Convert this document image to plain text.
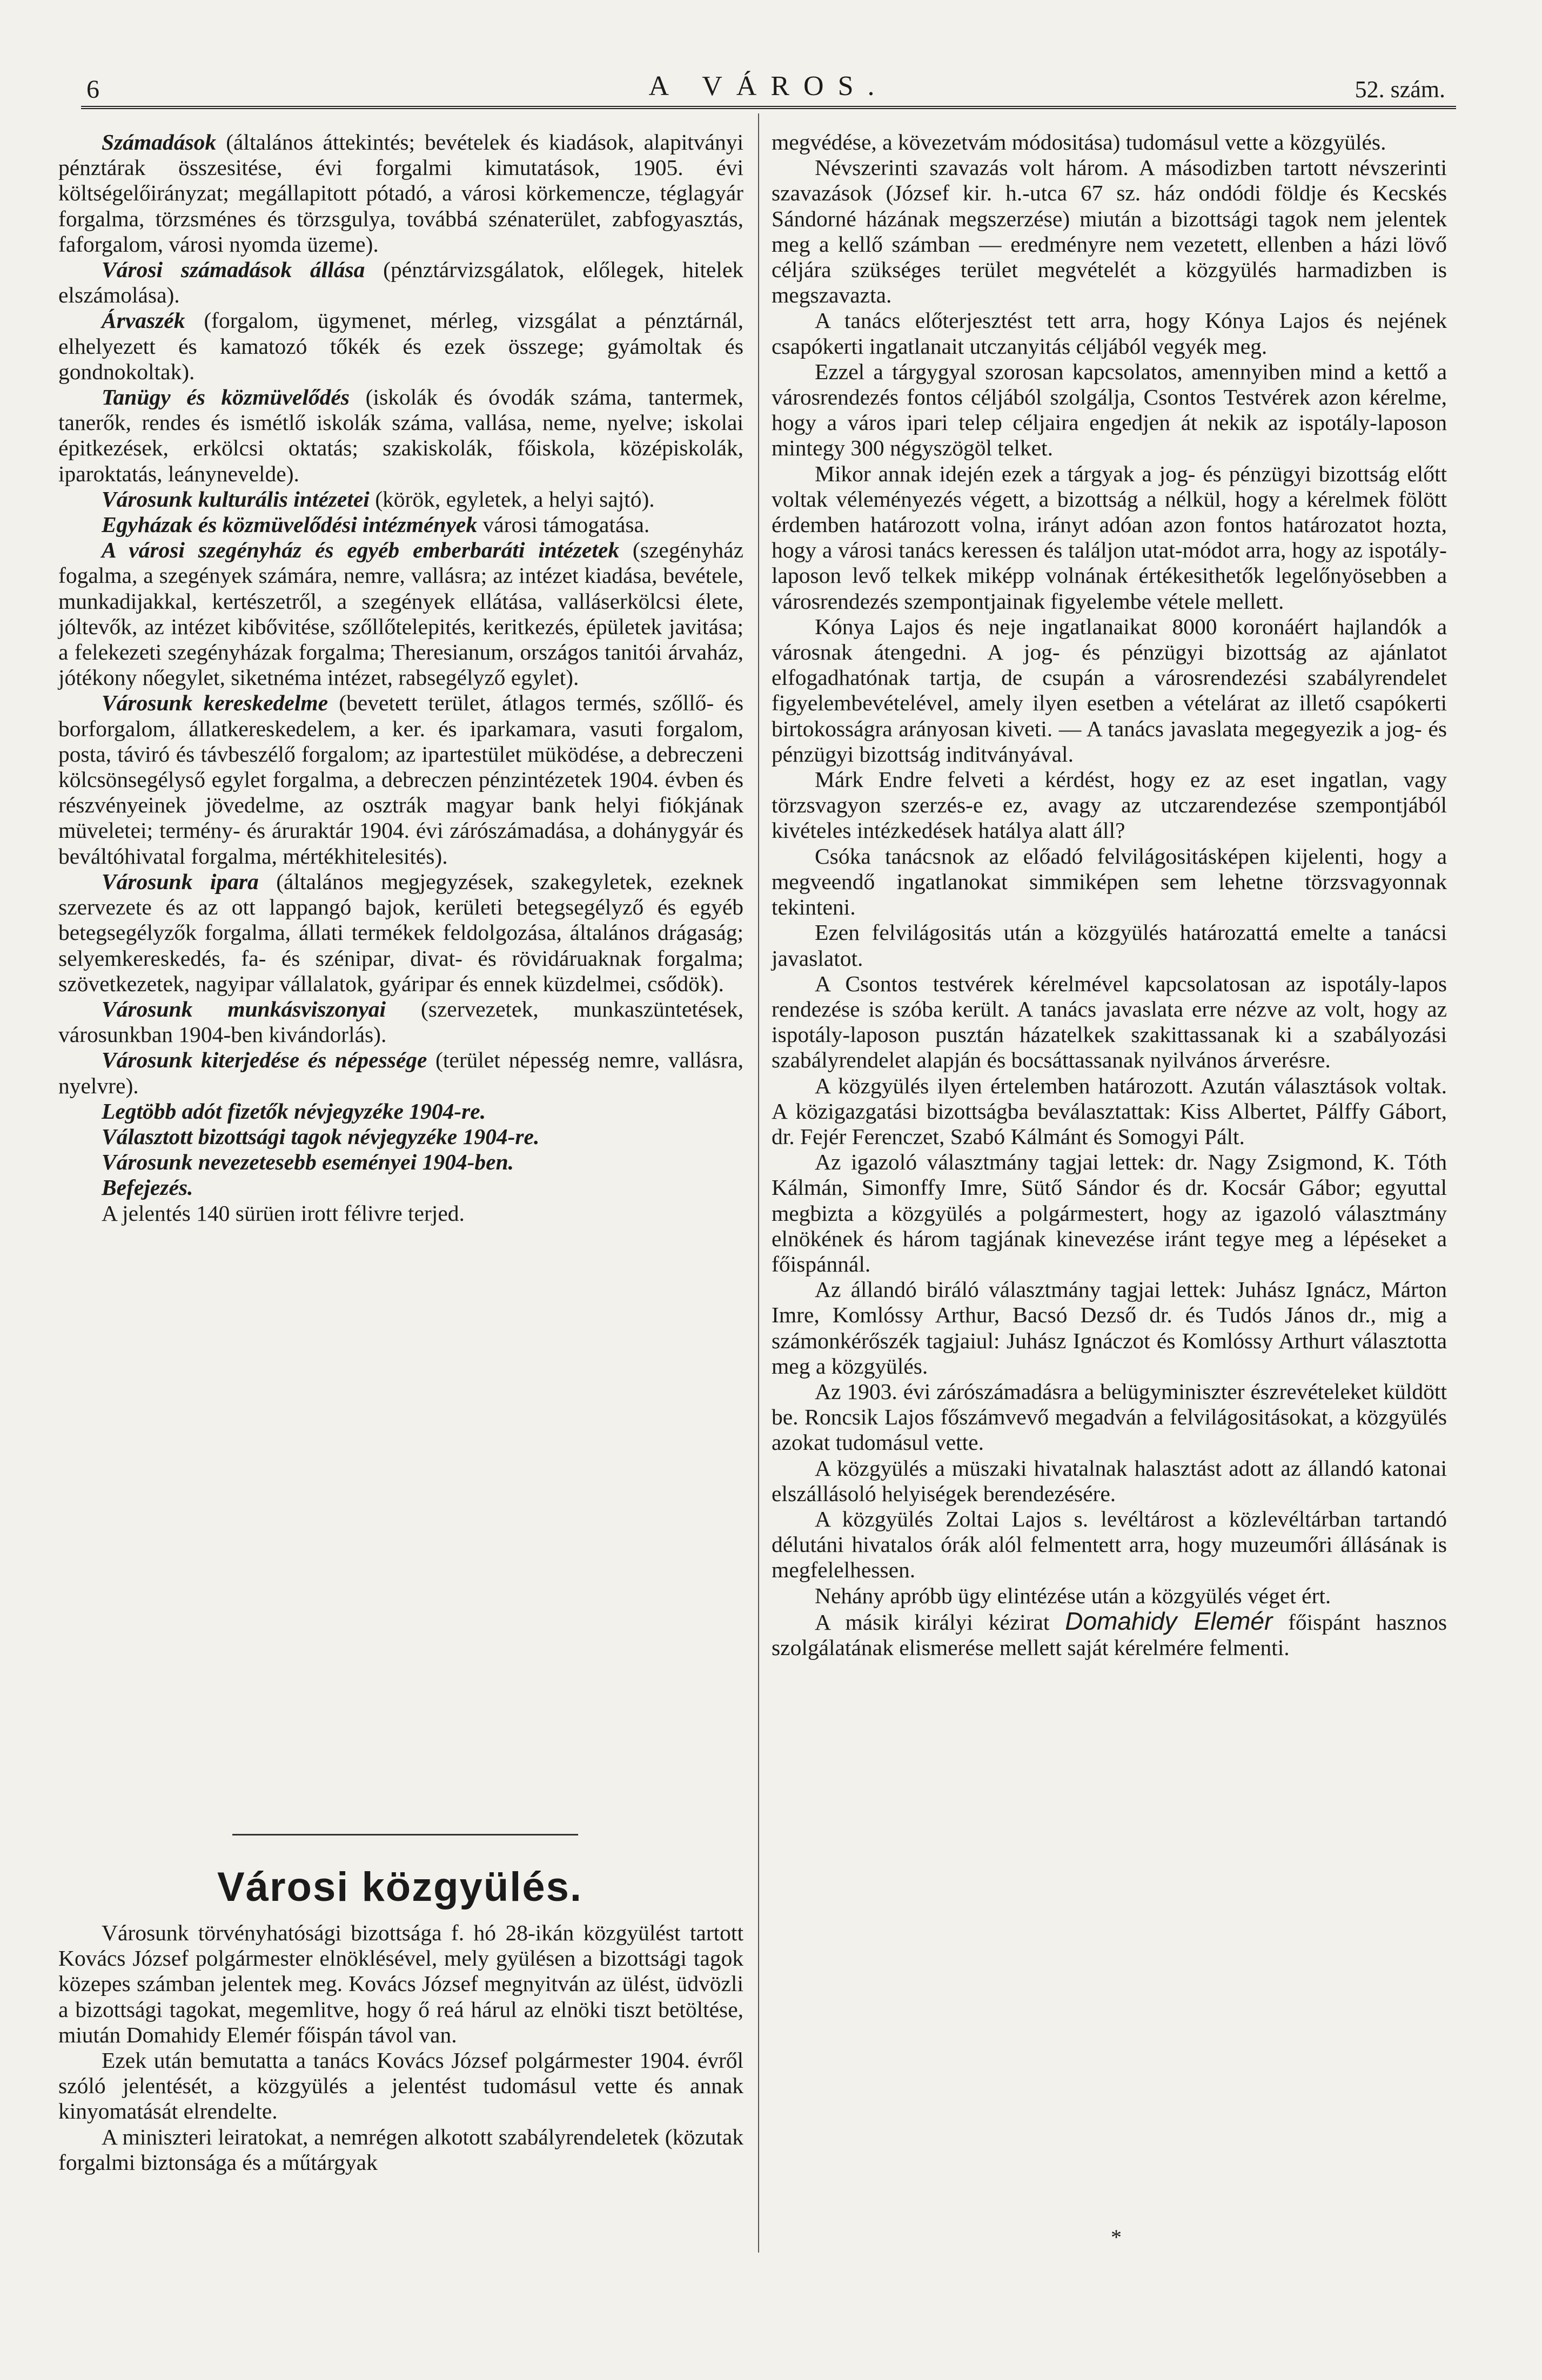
6	A VÁROS.	52. szám.

Számadások (általános áttekintés; bevételek és kiadások, alapitványi pénztárak összesitése, évi forgalmi kimutatások, 1905. évi költségelőirányzat; megállapitott pótadó, a városi körkemencze, téglagyár forgalma, törzsménes és törzsgulya, továbbá szénaterület, zabfogyasztás, faforgalom, városi nyomda üzeme).

Városi számadások állása (pénztárvizsgálatok, előlegek, hitelek elszámolása).

Árvaszék (forgalom, ügymenet, mérleg, vizsgálat a pénztárnál, elhelyezett és kamatozó tőkék és ezek összege; gyámoltak és gondnokoltak).

Tanügy és közmüvelődés (iskolák és óvodák száma, tantermek, tanerők, rendes és ismétlő iskolák száma, vallása, neme, nyelve; iskolai épitkezések, erkölcsi oktatás; szakiskolák, főiskola, középiskolák, iparoktatás, leánynevelde).

Városunk kulturális intézetei (körök, egyletek, a helyi sajtó).

Egyházak és közmüvelődési intézmények városi támogatása.

A városi szegényház és egyéb emberbaráti intézetek (szegényház fogalma, a szegények számára, nemre, vallásra; az intézet kiadása, bevétele, munkadijakkal, kertészetről, a szegények ellátása, valláserkölcsi élete, jóltevők, az intézet kibővitése, szőllőtelepités, keritkezés, épületek javitása; a felekezeti szegényházak forgalma; Theresianum, országos tanitói árvaház, jótékony nőegylet, siketnéma intézet, rabsegélyző egylet).

Városunk kereskedelme (bevetett terület, átlagos termés, szőllő- és borforgalom, állatkereskedelem, a ker. és iparkamara, vasuti forgalom, posta, táviró és távbeszélő forgalom; az ipartestület müködése, a debreczeni kölcsönsegélyső egylet forgalma, a debreczen pénzintézetek 1904. évben és részvényeinek jövedelme, az osztrák magyar bank helyi fiókjának müveletei; termény- és áruraktár 1904. évi zárószámadása, a dohánygyár és beváltóhivatal forgalma, mértékhitelesités).

Városunk ipara (általános megjegyzések, szakegyletek, ezeknek szervezete és az ott lappangó bajok, kerületi betegsegélyző és egyéb betegsegélyzők forgalma, állati termékek feldolgozása, általános drágaság; selyemkereskedés, fa- és szénipar, divat- és rövidáruaknak forgalma; szövetkezetek, nagyipar vállalatok, gyáripar és ennek küzdelmei, csődök).

Városunk munkásviszonyai (szervezetek, munkaszüntetések, városunkban 1904-ben kivándorlás).

Városunk kiterjedése és népessége (terület népesség nemre, vallásra, nyelvre).

Legtöbb adót fizetők névjegyzéke 1904-re.

Választott bizottsági tagok névjegyzéke 1904-re.

Városunk nevezetesebb eseményei 1904-ben.

Befejezés.

A jelentés 140 sürüen irott félivre terjed.

Városi közgyülés.

Városunk törvényhatósági bizottsága f. hó 28-ikán közgyülést tartott Kovács József polgármester elnöklésével, mely gyülésen a bizottsági tagok közepes számban jelentek meg. Kovács József megnyitván az ülést, üdvözli a bizottsági tagokat, megemlitve, hogy ő reá hárul az elnöki tiszt betöltése, miután Domahidy Elemér főispán távol van.

Ezek után bemutatta a tanács Kovács József polgármester 1904. évről szóló jelentését, a közgyülés a jelentést tudomásul vette és annak kinyomatását elrendelte.

A miniszteri leiratokat, a nemrégen alkotott szabályrendeletek (közutak forgalmi biztonsága és a műtárgyak

megvédése, a kövezetvám módositása) tudomásul vette a közgyülés.

Névszerinti szavazás volt három. A másodizben tartott névszerinti szavazások (József kir. h.-utca 67 sz. ház ondódi földje és Kecskés Sándorné házának megszerzése) miután a bizottsági tagok nem jelentek meg a kellő számban — eredményre nem vezetett, ellenben a házi lövő céljára szükséges terület megvételét a közgyülés harmadizben is megszavazta.

A tanács előterjesztést tett arra, hogy Kónya Lajos és nejének csapókerti ingatlanait utczanyitás céljából vegyék meg.

Ezzel a tárgygyal szorosan kapcsolatos, amennyiben mind a kettő a városrendezés fontos céljából szolgálja, Csontos Testvérek azon kérelme, hogy a város ipari telep céljaira engedjen át nekik az ispotály-laposon mintegy 300 négyszögöl telket.

Mikor annak idején ezek a tárgyak a jog- és pénzügyi bizottság előtt voltak véleményezés végett, a bizottság a nélkül, hogy a kérelmek fölött érdemben határozott volna, irányt adóan azon fontos határozatot hozta, hogy a városi tanács keressen és találjon utat-módot arra, hogy az ispotály-laposon levő telkek miképp volnának értékesithetők legelőnyösebben a városrendezés szempontjainak figyelembe vétele mellett.

Kónya Lajos és neje ingatlanaikat 8000 koronáért hajlandók a városnak átengedni. A jog- és pénzügyi bizottság az ajánlatot elfogadhatónak tartja, de csupán a városrendezési szabályrendelet figyelembevételével, amely ilyen esetben a vételárat az illető csapókerti birtokosságra arányosan kiveti. — A tanács javaslata megegyezik a jog- és pénzügyi bizottság inditványával.

Márk Endre felveti a kérdést, hogy ez az eset ingatlan, vagy törzsvagyon szerzés-e ez, avagy az utczarendezése szempontjából kivételes intézkedések hatálya alatt áll?

Csóka tanácsnok az előadó felvilágositásképen kijelenti, hogy a megveendő ingatlanokat simmiképen sem lehetne törzsvagyonnak tekinteni.

Ezen felvilágositás után a közgyülés határozattá emelte a tanácsi javaslatot.

A Csontos testvérek kérelmével kapcsolatosan az ispotály-lapos rendezése is szóba került. A tanács javaslata erre nézve az volt, hogy az ispotály-laposon pusztán házatelkek szakittassanak ki a szabályozási szabályrendelet alapján és bocsáttassanak nyilvános árverésre.

A közgyülés ilyen értelemben határozott. Azután választások voltak. A közigazgatási bizottságba beválasztattak: Kiss Albertet, Pálffy Gábort, dr. Fejér Ferenczet, Szabó Kálmánt és Somogyi Pált.

Az igazoló választmány tagjai lettek: dr. Nagy Zsigmond, K. Tóth Kálmán, Simonffy Imre, Sütő Sándor és dr. Kocsár Gábor; egyuttal megbizta a közgyülés a polgármestert, hogy az igazoló választmány elnökének és három tagjának kinevezése iránt tegye meg a lépéseket a főispánnál.

Az állandó biráló választmány tagjai lettek: Juhász Ignácz, Márton Imre, Komlóssy Arthur, Bacsó Dezső dr. és Tudós János dr., mig a számonkérőszék tagjaiul: Juhász Ignáczot és Komlóssy Arthurt választotta meg a közgyülés.

Az 1903. évi zárószámadásra a belügyminiszter észrevételeket küldött be. Roncsik Lajos főszámvevő megadván a felvilágositásokat, a közgyülés azokat tudomásul vette.

A közgyülés a müszaki hivatalnak halasztást adott az állandó katonai elszállásoló helyiségek berendezésére.

A közgyülés Zoltai Lajos s. levéltárost a közlevéltárban tartandó délutáni hivatalos órák alól felmentett arra, hogy muzeumőri állásának is megfelelhessen.

Nehány apróbb ügy elintézése után a közgyülés véget ért.

A másik királyi kézirat Domahidy Elemér főispánt hasznos szolgálatának elismerése mellett saját kérelmére felmenti.

*
